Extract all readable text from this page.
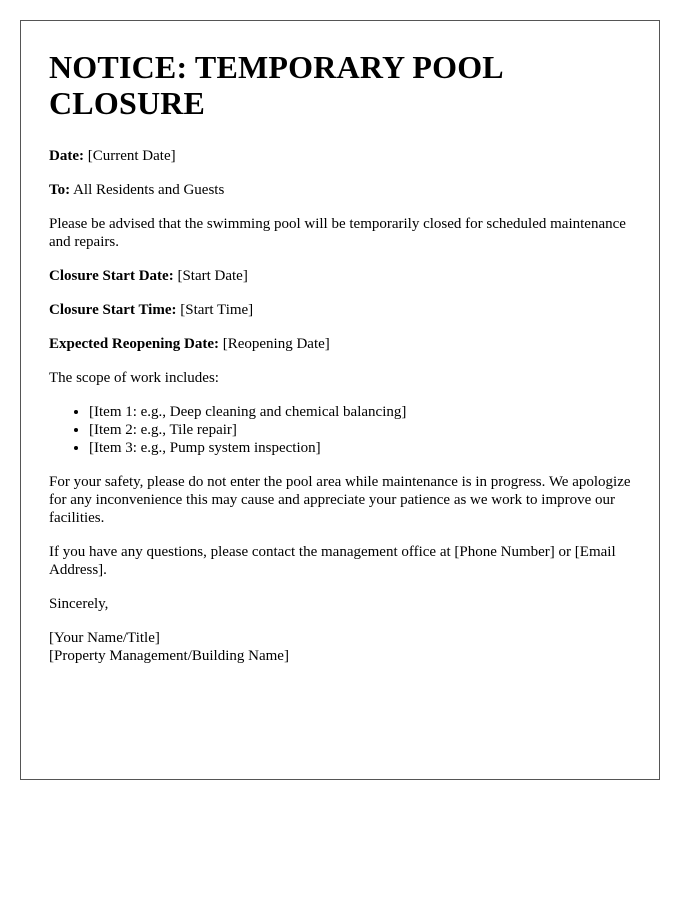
NOTICE: TEMPORARY POOL CLOSURE

Date: [Current Date]

To: All Residents and Guests

Please be advised that the swimming pool will be temporarily closed for scheduled maintenance and repairs.

Closure Start Date: [Start Date]

Closure Start Time: [Start Time]

Expected Reopening Date: [Reopening Date]

The scope of work includes:

• [Item 1: e.g., Deep cleaning and chemical balancing]
• [Item 2: e.g., Tile repair]
• [Item 3: e.g., Pump system inspection]

For your safety, please do not enter the pool area while maintenance is in progress. We apologize for any inconvenience this may cause and appreciate your patience as we work to improve our facilities.

If you have any questions, please contact the management office at [Phone Number] or [Email Address].

Sincerely,

[Your Name/Title]
[Property Management/Building Name]
